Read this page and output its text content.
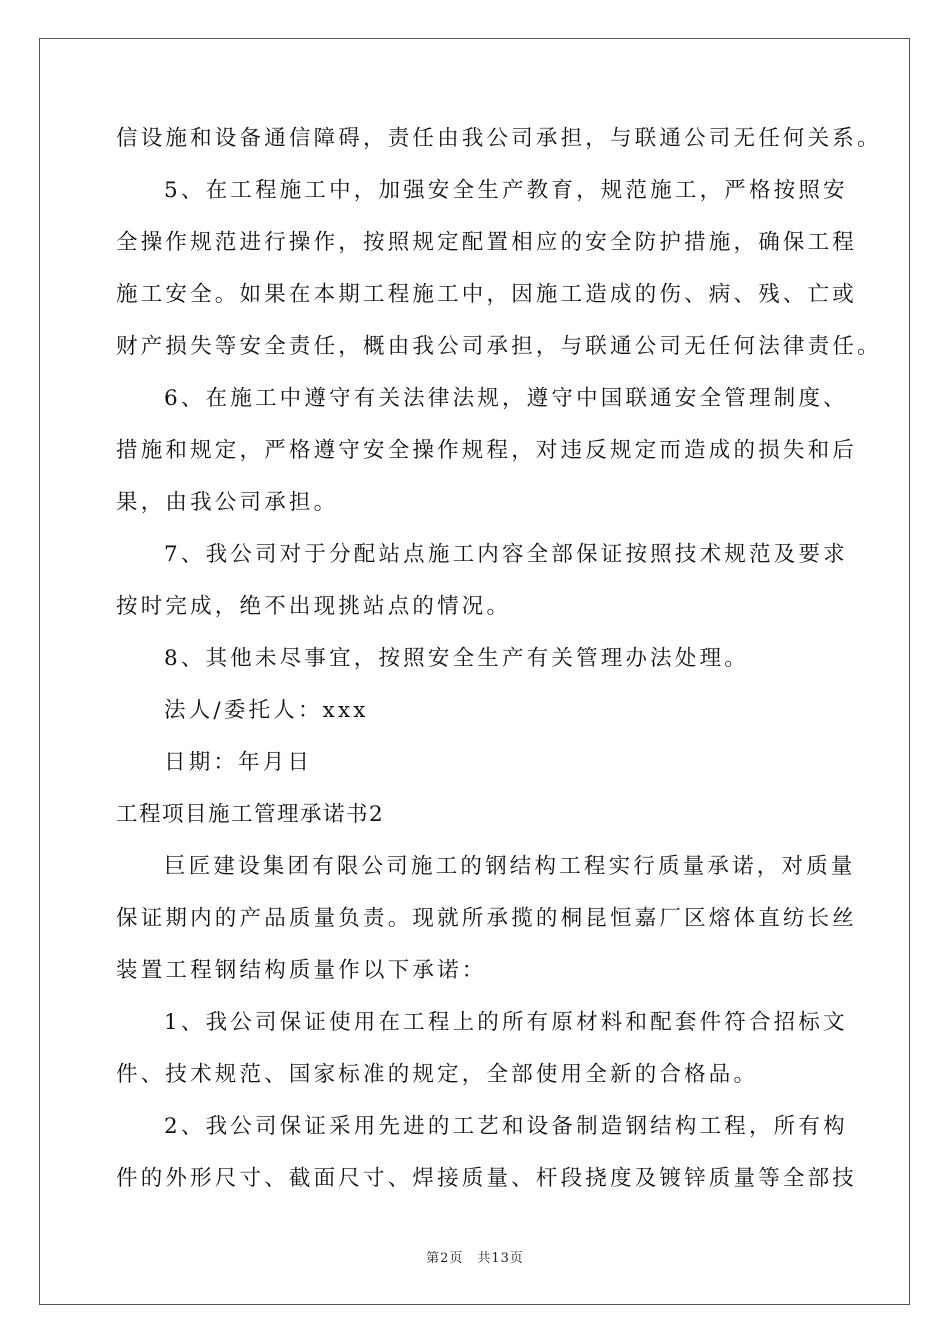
信设施和设备通信障碍，责任由我公司承担，与联通公司无任何关系。
5、在工程施工中，加强安全生产教育，规范施工，严格按照安
全操作规范进行操作，按照规定配置相应的安全防护措施，确保工程
施工安全。如果在本期工程施工中，因施工造成的伤、病、残、亡或
财产损失等安全责任，概由我公司承担，与联通公司无任何法律责任。
6、在施工中遵守有关法律法规，遵守中国联通安全管理制度、
措施和规定，严格遵守安全操作规程，对违反规定而造成的损失和后
果，由我公司承担。
7、我公司对于分配站点施工内容全部保证按照技术规范及要求
按时完成，绝不出现挑站点的情况。
8、其他未尽事宜，按照安全生产有关管理办法处理。
法人/委托人：xxx
日期：年月日
工程项目施工管理承诺书2
巨匠建设集团有限公司施工的钢结构工程实行质量承诺，对质量
保证期内的产品质量负责。现就所承揽的桐昆恒嘉厂区熔体直纺长丝
装置工程钢结构质量作以下承诺：
1、我公司保证使用在工程上的所有原材料和配套件符合招标文
件、技术规范、国家标准的规定，全部使用全新的合格品。
2、我公司保证采用先进的工艺和设备制造钢结构工程，所有构
件的外形尺寸、截面尺寸、焊接质量、杆段挠度及镀锌质量等全部技
第2页 共13页
